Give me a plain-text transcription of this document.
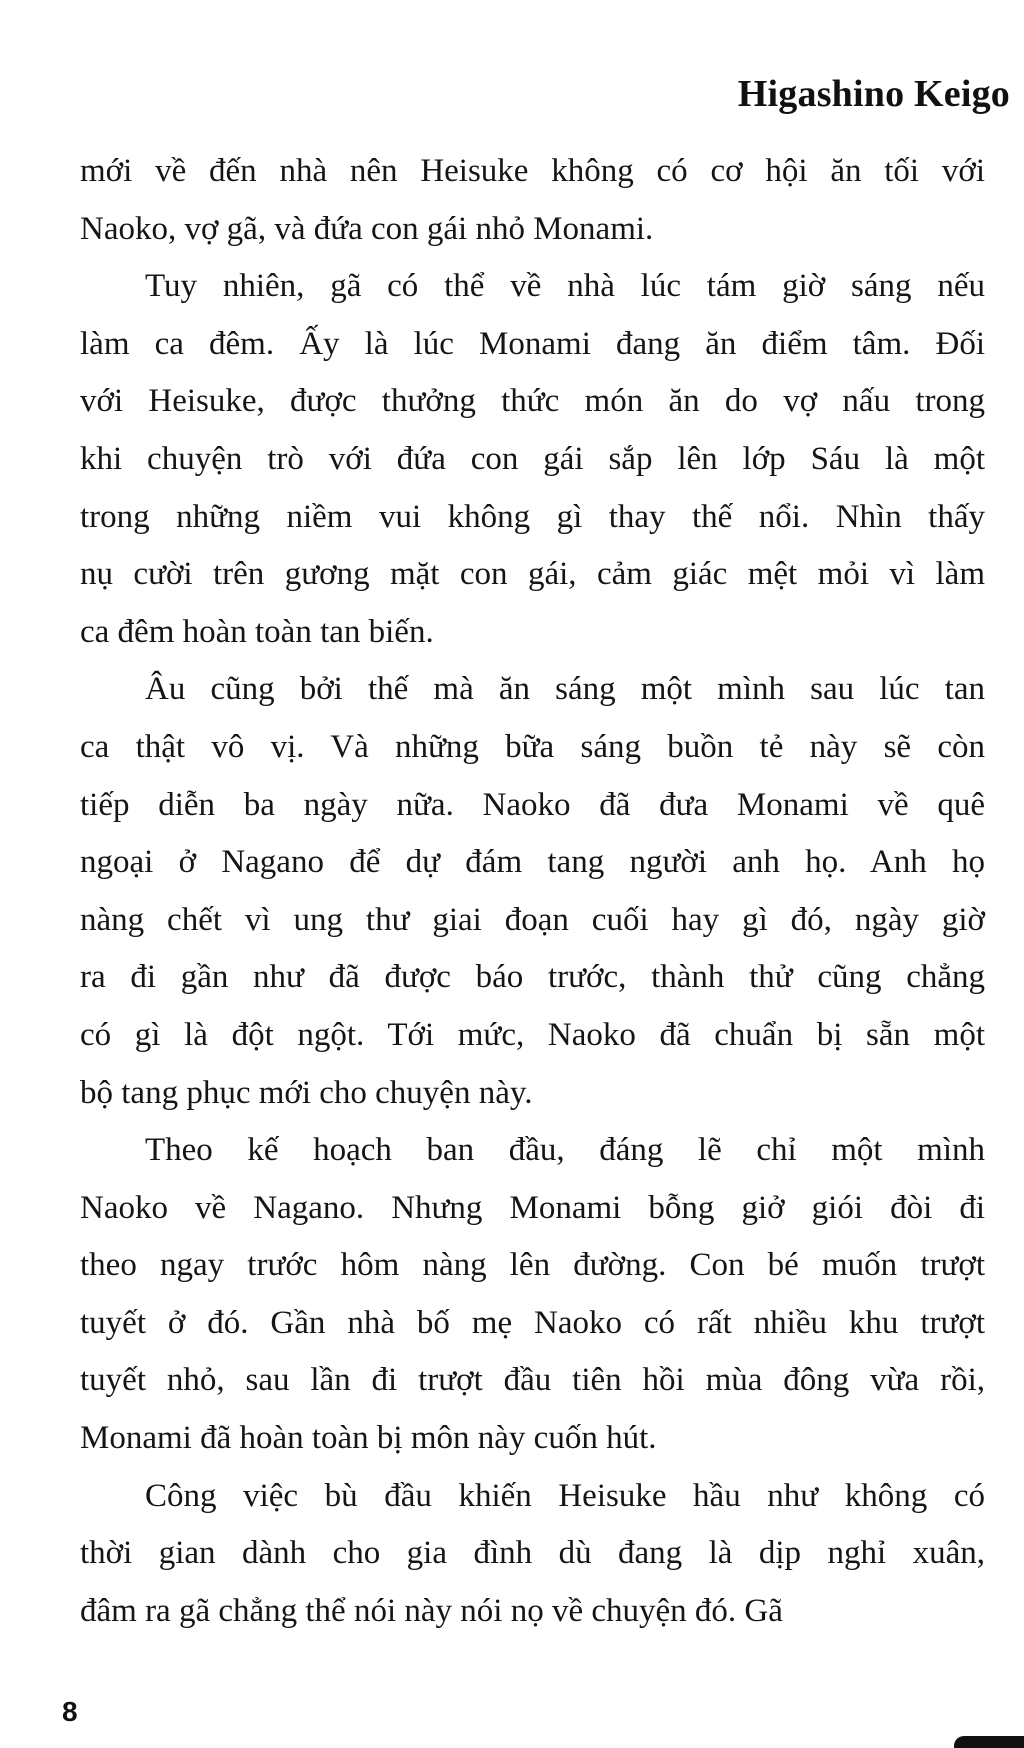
Higashino Keigo
mới về đến nhà nên Heisuke không có cơ hội ăn tối với
Naoko, vợ gã, và đứa con gái nhỏ Monami.
Tuy nhiên, gã có thể về nhà lúc tám giờ sáng nếu
làm ca đêm. Ấy là lúc Monami đang ăn điểm tâm. Đối
với Heisuke, được thưởng thức món ăn do vợ nấu trong
khi chuyện trò với đứa con gái sắp lên lớp Sáu là một
trong những niềm vui không gì thay thế nổi. Nhìn thấy
nụ cười trên gương mặt con gái, cảm giác mệt mỏi vì làm
ca đêm hoàn toàn tan biến.
Âu cũng bởi thế mà ăn sáng một mình sau lúc tan
ca thật vô vị. Và những bữa sáng buồn tẻ này sẽ còn
tiếp diễn ba ngày nữa. Naoko đã đưa Monami về quê
ngoại ở Nagano để dự đám tang người anh họ. Anh họ
nàng chết vì ung thư giai đoạn cuối hay gì đó, ngày giờ
ra đi gần như đã được báo trước, thành thử cũng chẳng
có gì là đột ngột. Tới mức, Naoko đã chuẩn bị sẵn một
bộ tang phục mới cho chuyện này.
Theo kế hoạch ban đầu, đáng lẽ chỉ một mình
Naoko về Nagano. Nhưng Monami bỗng giở giói đòi đi
theo ngay trước hôm nàng lên đường. Con bé muốn trượt
tuyết ở đó. Gần nhà bố mẹ Naoko có rất nhiều khu trượt
tuyết nhỏ, sau lần đi trượt đầu tiên hồi mùa đông vừa rồi,
Monami đã hoàn toàn bị môn này cuốn hút.
Công việc bù đầu khiến Heisuke hầu như không có
thời gian dành cho gia đình dù đang là dịp nghỉ xuân,
đâm ra gã chẳng thể nói này nói nọ về chuyện đó. Gã
8
